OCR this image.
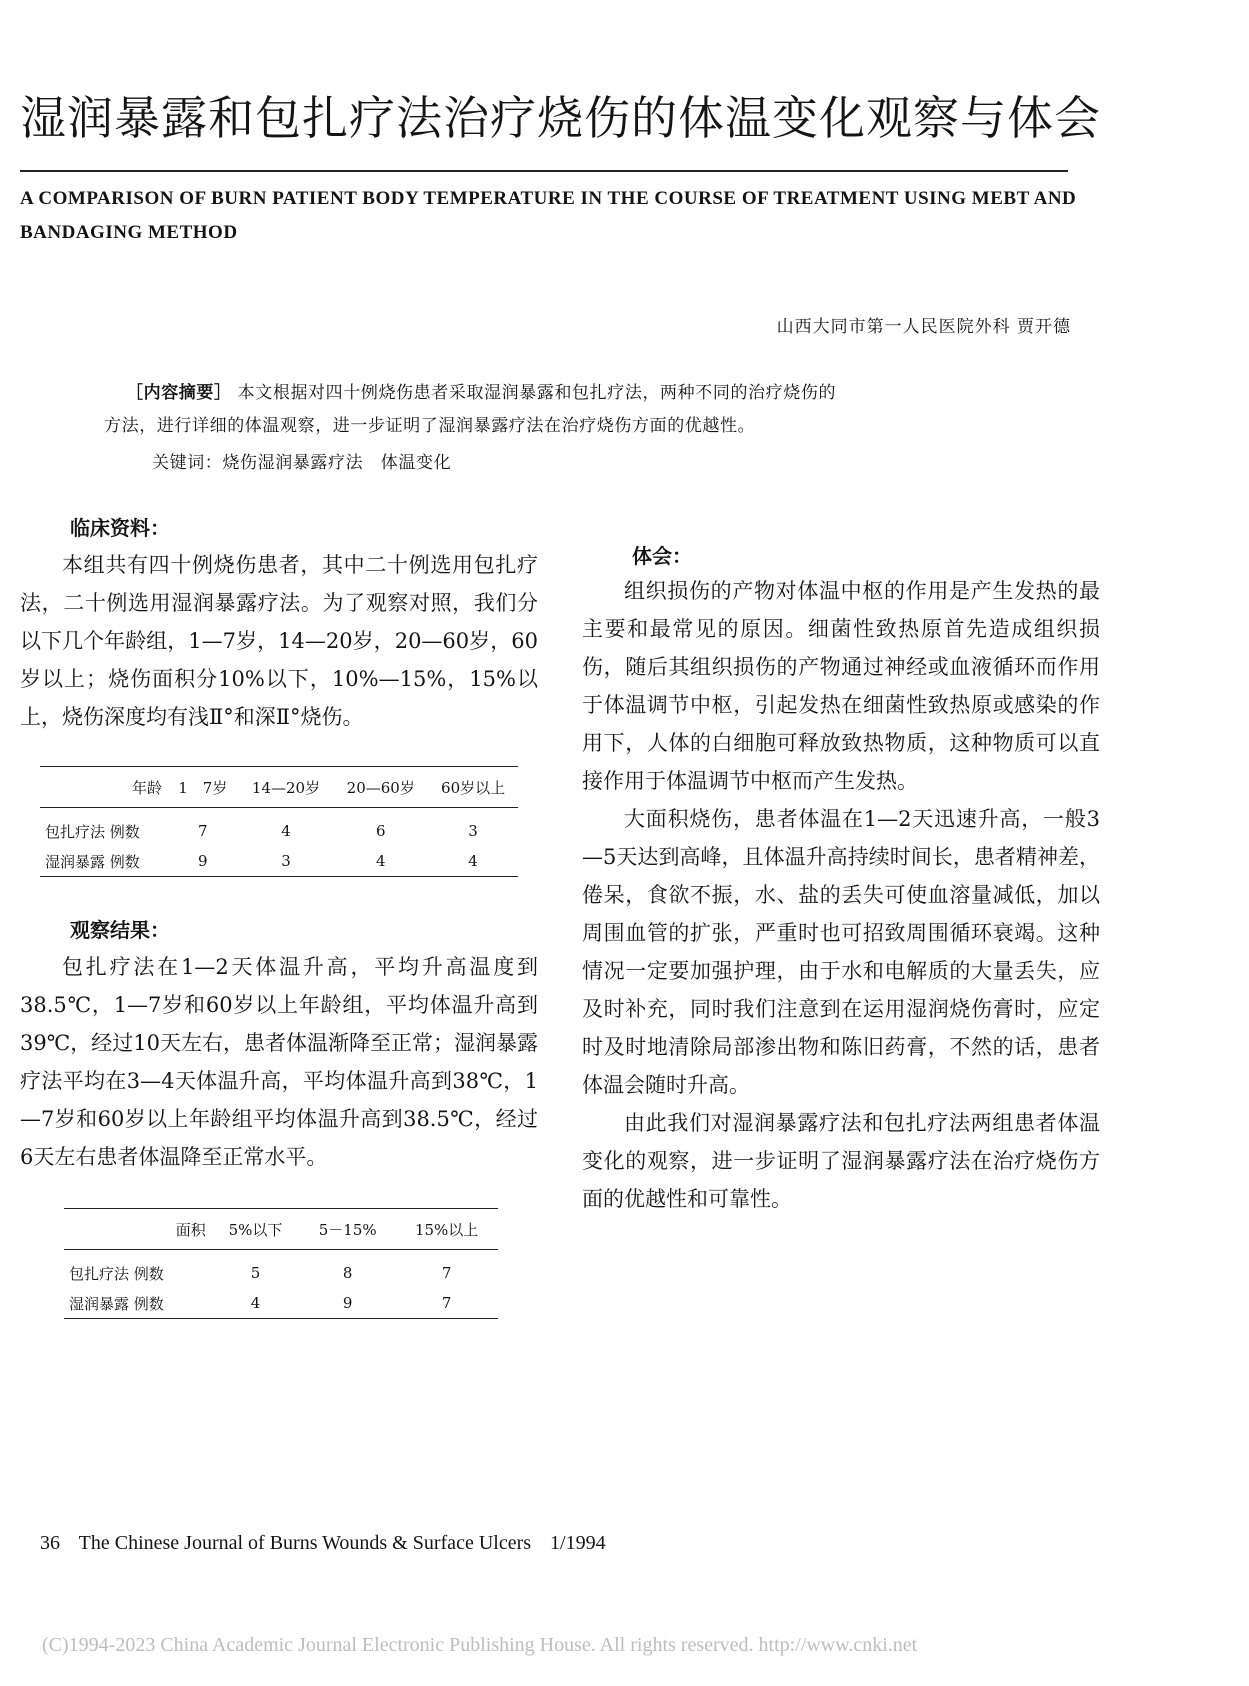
湿润暴露和包扎疗法治疗烧伤的体温变化观察与体会
A COMPARISON OF BURN PATIENT BODY TEMPERATURE IN THE COURSE OF TREATMENT USING MEBT AND BANDAGING METHOD
山西大同市第一人民医院外科 贾开德
［内容摘要］ 本文根据对四十例烧伤患者采取湿润暴露和包扎疗法，两种不同的治疗烧伤的
方法，进行详细的体温观察，进一步证明了湿润暴露疗法在治疗烧伤方面的优越性。
关键词：烧伤湿润暴露疗法　体温变化
临床资料：

本组共有四十例烧伤患者，其中二十例选用包扎疗法，二十例选用湿润暴露疗法。为了观察对照，我们分以下几个年龄组，1—7岁，14—20岁，20—60岁，60岁以上；烧伤面积分10%以下，10%—15%，15%以上，烧伤深度均有浅Ⅱ°和深Ⅱ°烧伤。

年龄	1　7岁	14—20岁	20—60岁	60岁以上
包扎疗法 例数	7	4	6	3
湿润暴露 例数	9	3	4	4
观察结果：

包扎疗法在1—2天体温升高，平均升高温度到38.5℃，1—7岁和60岁以上年龄组，平均体温升高到39℃，经过10天左右，患者体温渐降至正常；湿润暴露疗法平均在3—4天体温升高，平均体温升高到38℃，1—7岁和60岁以上年龄组平均体温升高到38.5℃，经过6天左右患者体温降至正常水平。

面积	5%以下	5－15%	15%以上
包扎疗法 例数	5	8	7
湿润暴露 例数	4	9	7
体会：

组织损伤的产物对体温中枢的作用是产生发热的最主要和最常见的原因。细菌性致热原首先造成组织损伤，随后其组织损伤的产物通过神经或血液循环而作用于体温调节中枢，引起发热在细菌性致热原或感染的作用下，人体的白细胞可释放致热物质，这种物质可以直接作用于体温调节中枢而产生发热。

大面积烧伤，患者体温在1—2天迅速升高，一般3—5天达到高峰，且体温升高持续时间长，患者精神差，倦呆，食欲不振，水、盐的丢失可使血溶量减低，加以周围血管的扩张，严重时也可招致周围循环衰竭。这种情况一定要加强护理，由于水和电解质的大量丢失，应及时补充，同时我们注意到在运用湿润烧伤膏时，应定时及时地清除局部渗出物和陈旧药膏，不然的话，患者体温会随时升高。

由此我们对湿润暴露疗法和包扎疗法两组患者体温变化的观察，进一步证明了湿润暴露疗法在治疗烧伤方面的优越性和可靠性。

36 The Chinese Journal of Burns Wounds & Surface Ulcers 1/1994
(C)1994-2023 China Academic Journal Electronic Publishing House. All rights reserved. http://www.cnki.net
